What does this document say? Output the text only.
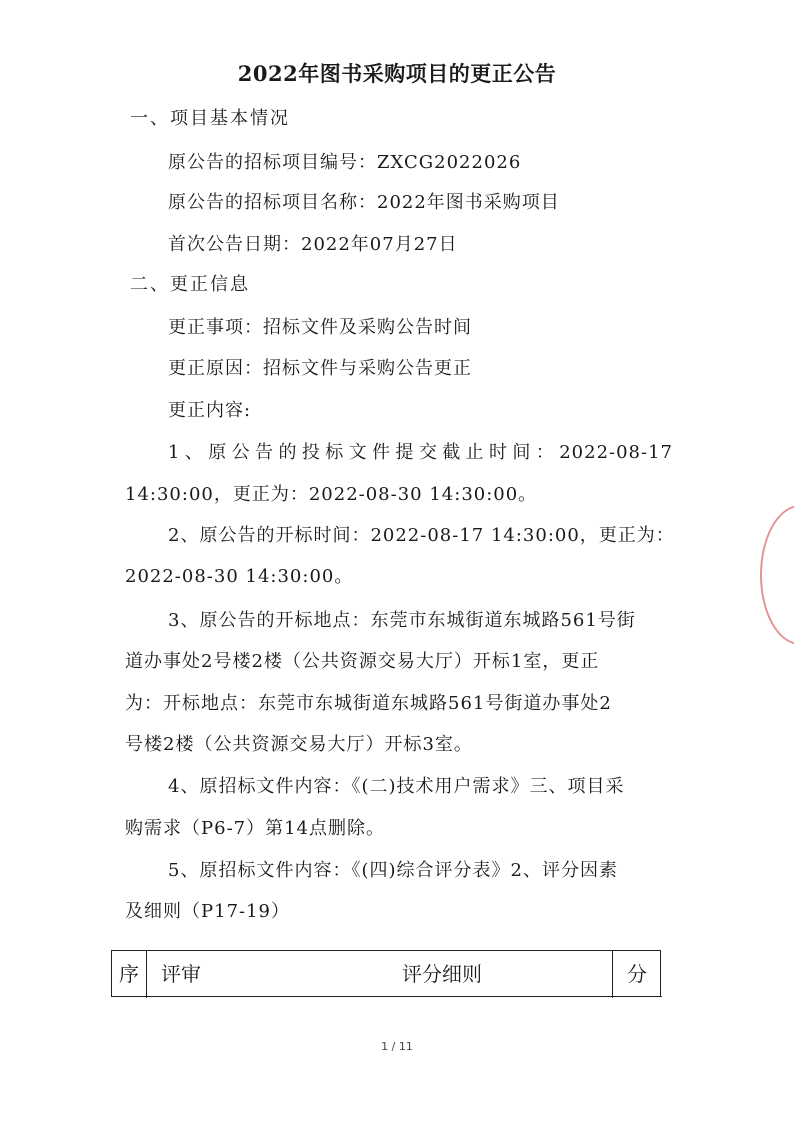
2022年图书采购项目的更正公告
一、项目基本情况
原公告的招标项目编号：ZXCG2022026
原公告的招标项目名称：2022年图书采购项目
首次公告日期：2022年07月27日
二、更正信息
更正事项：招标文件及采购公告时间
更正原因：招标文件与采购公告更正
更正内容:
1、原公告的投标文件提交截止时间：2022-08-17
14:30:00，更正为：2022-08-30 14:30:00。
2、原公告的开标时间：2022-08-17 14:30:00，更正为：
2022-08-30 14:30:00。
3、原公告的开标地点：东莞市东城街道东城路561号街
道办事处2号楼2楼（公共资源交易大厅）开标1室，更正
为：开标地点：东莞市东城街道东城路561号街道办事处2
号楼2楼（公共资源交易大厅）开标3室。
4、原招标文件内容：《(二)技术用户需求》三、项目采
购需求（P6-7）第14点删除。
5、原招标文件内容：《(四)综合评分表》2、评分因素
及细则（P17-19）
序	评审	评分细则	分
1 / 11
